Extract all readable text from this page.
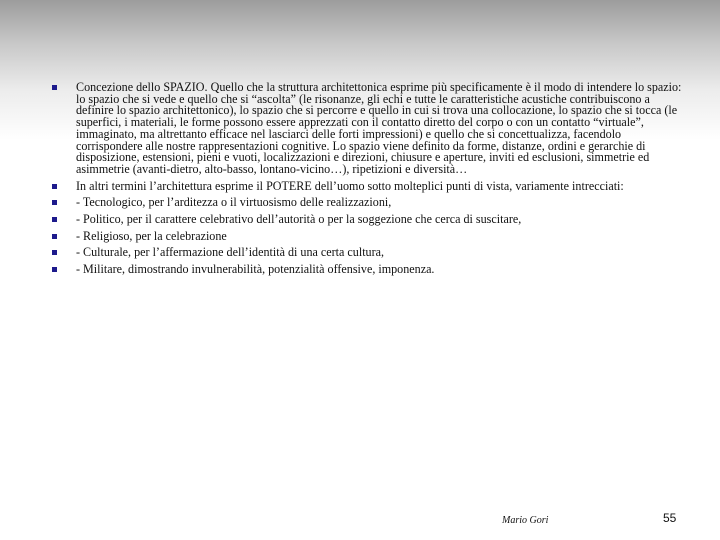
Concezione dello SPAZIO. Quello che la struttura architettonica esprime più specificamente è il modo di intendere lo spazio: lo spazio che si vede e quello che si “ascolta” (le risonanze, gli echi e tutte le caratteristiche acustiche contribuiscono a definire lo spazio architettonico), lo spazio che si percorre e quello in cui si trova una collocazione, lo spazio che si tocca (le superfici, i materiali, le forme possono essere apprezzati con il contatto diretto del corpo o con un contatto “virtuale”, immaginato, ma altrettanto efficace nel lasciarci delle forti impressioni) e quello che si concettualizza, facendolo corrispondere alle nostre rappresentazioni cognitive. Lo spazio viene definito da forme, distanze, ordini e gerarchie di disposizione, estensioni, pieni e vuoti, localizzazioni e direzioni, chiusure e aperture, inviti ed esclusioni, simmetrie ed asimmetrie (avanti-dietro, alto-basso, lontano-vicino…), ripetizioni e diversità…
In altri termini l’architettura esprime il POTERE dell’uomo sotto molteplici punti di vista, variamente intrecciati:
- Tecnologico, per l’arditezza o il virtuosismo delle realizzazioni,
- Politico, per il carattere celebrativo dell’autorità o per la soggezione che cerca di suscitare,
- Religioso, per la celebrazione
- Culturale, per l’affermazione dell’identità di una certa cultura,
- Militare, dimostrando invulnerabilità, potenzialità offensive, imponenza.
Mario Gori	55
